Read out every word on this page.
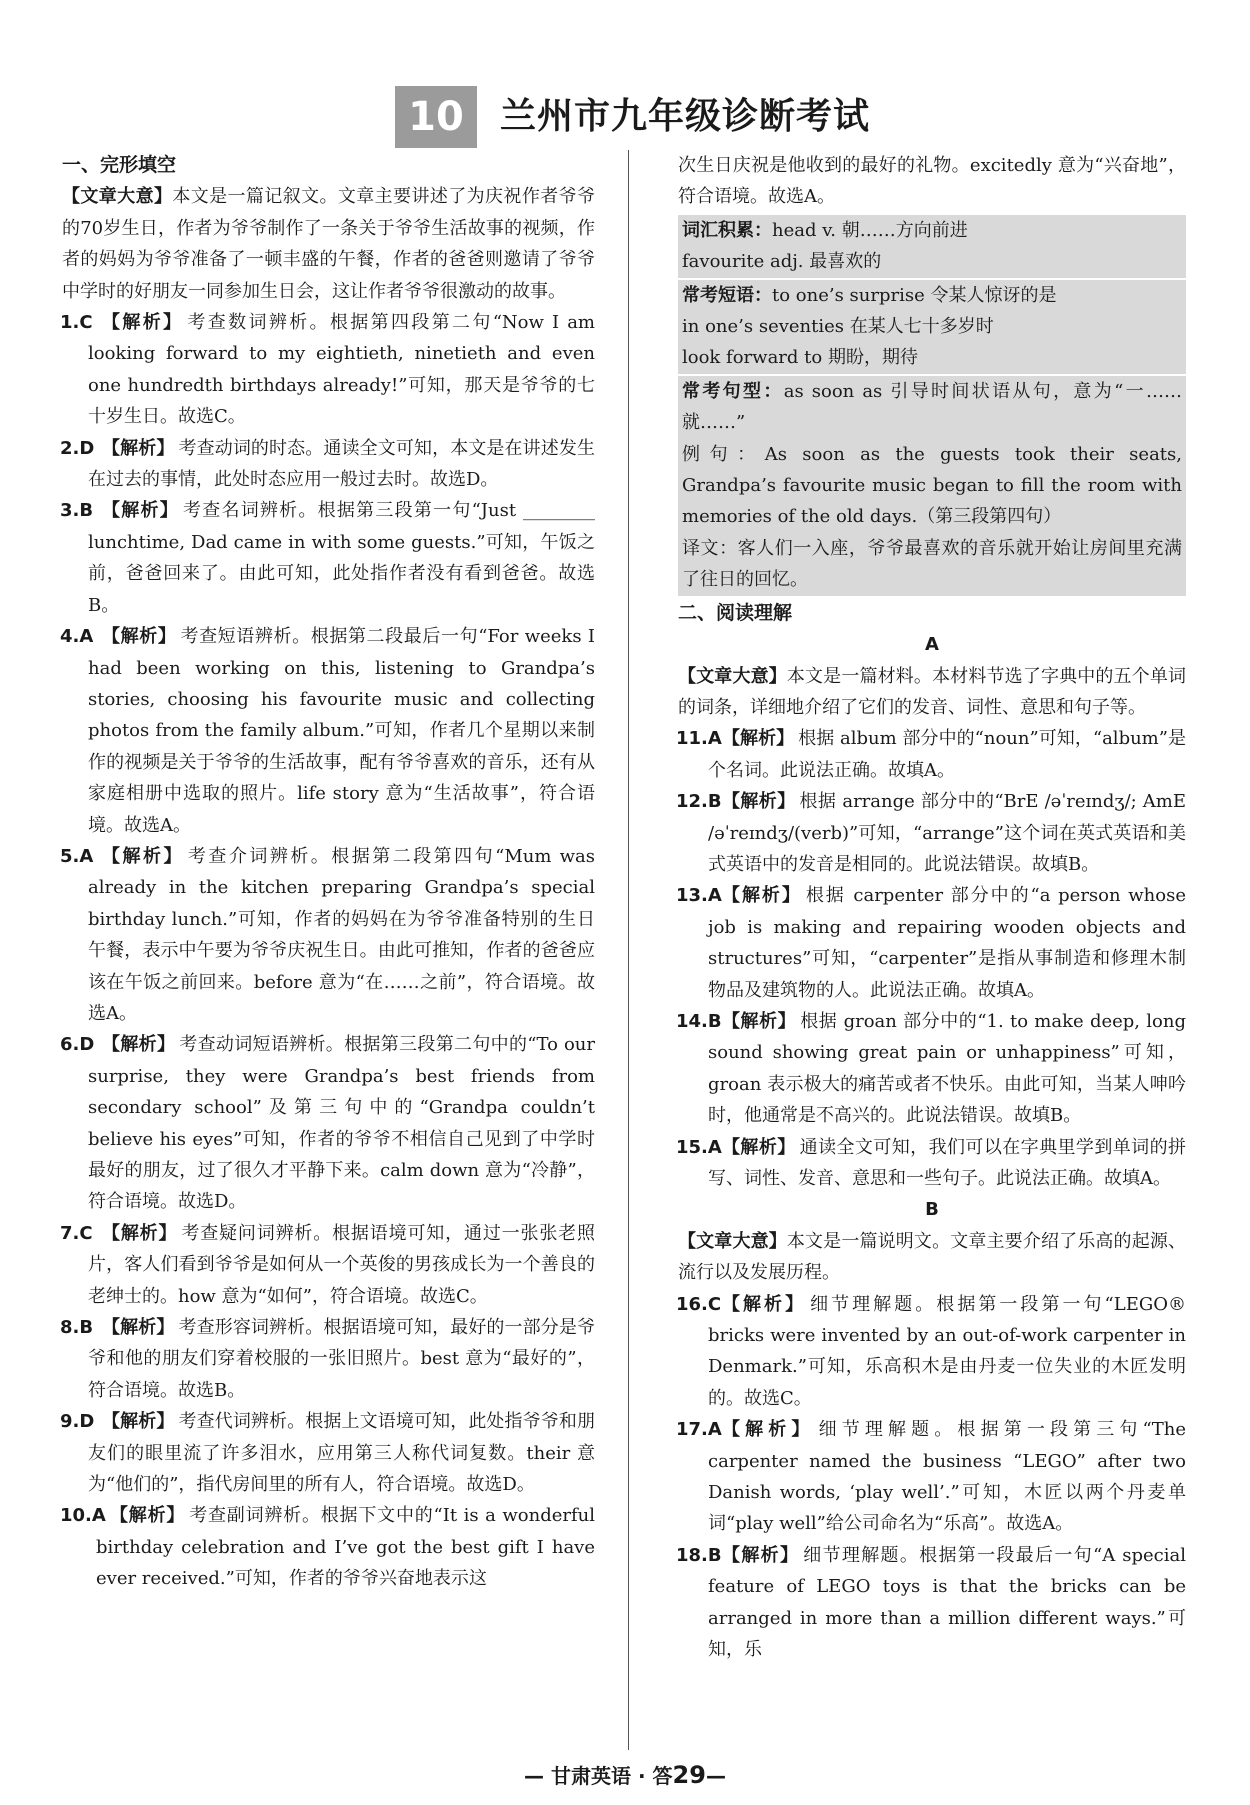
10	兰州市九年级诊断考试
一、完形填空
【文章大意】本文是一篇记叙文。文章主要讲述了为庆祝作者爷爷的70岁生日，作者为爷爷制作了一条关于爷爷生活故事的视频，作者的妈妈为爷爷准备了一顿丰盛的午餐，作者的爸爸则邀请了爷爷中学时的好朋友一同参加生日会，这让作者爷爷很激动的故事。
1.C 【解析】 考查数词辨析。根据第四段第二句“Now I am looking forward to my eightieth, ninetieth and even one hundredth birthdays already!”可知，那天是爷爷的七十岁生日。故选C。
2.D 【解析】 考查动词的时态。通读全文可知，本文是在讲述发生在过去的事情，此处时态应用一般过去时。故选D。
3.B 【解析】 考查名词辨析。根据第三段第一句“Just ________ lunchtime, Dad came in with some guests.”可知，午饭之前，爸爸回来了。由此可知，此处指作者没有看到爸爸。故选B。
4.A 【解析】 考查短语辨析。根据第二段最后一句“For weeks I had been working on this, listening to Grandpa’s stories, choosing his favourite music and collecting photos from the family album.”可知，作者几个星期以来制作的视频是关于爷爷的生活故事，配有爷爷喜欢的音乐，还有从家庭相册中选取的照片。life story 意为“生活故事”，符合语境。故选A。
5.A 【解析】 考查介词辨析。根据第二段第四句“Mum was already in the kitchen preparing Grandpa’s special birthday lunch.”可知，作者的妈妈在为爷爷准备特别的生日午餐，表示中午要为爷爷庆祝生日。由此可推知，作者的爸爸应该在午饭之前回来。before 意为“在……之前”，符合语境。故选A。
6.D 【解析】 考查动词短语辨析。根据第三段第二句中的“To our surprise, they were Grandpa’s best friends from secondary school”及第三句中的“Grandpa couldn’t believe his eyes”可知，作者的爷爷不相信自己见到了中学时最好的朋友，过了很久才平静下来。calm down 意为“冷静”，符合语境。故选D。
7.C 【解析】 考查疑问词辨析。根据语境可知，通过一张张老照片，客人们看到爷爷是如何从一个英俊的男孩成长为一个善良的老绅士的。how 意为“如何”，符合语境。故选C。
8.B 【解析】 考查形容词辨析。根据语境可知，最好的一部分是爷爷和他的朋友们穿着校服的一张旧照片。best 意为“最好的”，符合语境。故选B。
9.D 【解析】 考查代词辨析。根据上文语境可知，此处指爷爷和朋友们的眼里流了许多泪水，应用第三人称代词复数。their 意为“他们的”，指代房间里的所有人，符合语境。故选D。
10.A 【解析】 考查副词辨析。根据下文中的“It is a wonderful birthday celebration and I’ve got the best gift I have ever received.”可知，作者的爷爷兴奋地表示这
次生日庆祝是他收到的最好的礼物。excitedly 意为“兴奋地”，符合语境。故选A。
词汇积累：head v. 朝……方向前进
favourite adj. 最喜欢的
常考短语：to one’s surprise 令某人惊讶的是
in one’s seventies 在某人七十多岁时
look forward to 期盼，期待
常考句型：as soon as 引导时间状语从句，意为“一……就……”
例句：As soon as the guests took their seats, Grandpa’s favourite music began to fill the room with memories of the old days.（第三段第四句）
译文：客人们一入座，爷爷最喜欢的音乐就开始让房间里充满了往日的回忆。
二、阅读理解
A
【文章大意】本文是一篇材料。本材料节选了字典中的五个单词的词条，详细地介绍了它们的发音、词性、意思和句子等。
11.A 【解析】 根据 album 部分中的“noun”可知，“album”是个名词。此说法正确。故填A。
12.B 【解析】 根据 arrange 部分中的“BrE /əˈreɪndʒ/; AmE /əˈreɪndʒ/(verb)”可知，“arrange”这个词在英式英语和美式英语中的发音是相同的。此说法错误。故填B。
13.A 【解析】 根据 carpenter 部分中的“a person whose job is making and repairing wooden objects and structures”可知，“carpenter”是指从事制造和修理木制物品及建筑物的人。此说法正确。故填A。
14.B 【解析】 根据 groan 部分中的“1. to make deep, long sound showing great pain or unhappiness”可知，groan 表示极大的痛苦或者不快乐。由此可知，当某人呻吟时，他通常是不高兴的。此说法错误。故填B。
15.A 【解析】 通读全文可知，我们可以在字典里学到单词的拼写、词性、发音、意思和一些句子。此说法正确。故填A。
B
【文章大意】本文是一篇说明文。文章主要介绍了乐高的起源、流行以及发展历程。
16.C 【解析】 细节理解题。根据第一段第一句“LEGO® bricks were invented by an out-of-work carpenter in Denmark.”可知，乐高积木是由丹麦一位失业的木匠发明的。故选C。
17.A 【解析】 细节理解题。根据第一段第三句“The carpenter named the business “LEGO” after two Danish words, ‘play well’.”可知，木匠以两个丹麦单词“play well”给公司命名为“乐高”。故选A。
18.B 【解析】 细节理解题。根据第一段最后一句“A special feature of LEGO toys is that the bricks can be arranged in more than a million different ways.”可知，乐
— 甘肃英语 · 答29—
